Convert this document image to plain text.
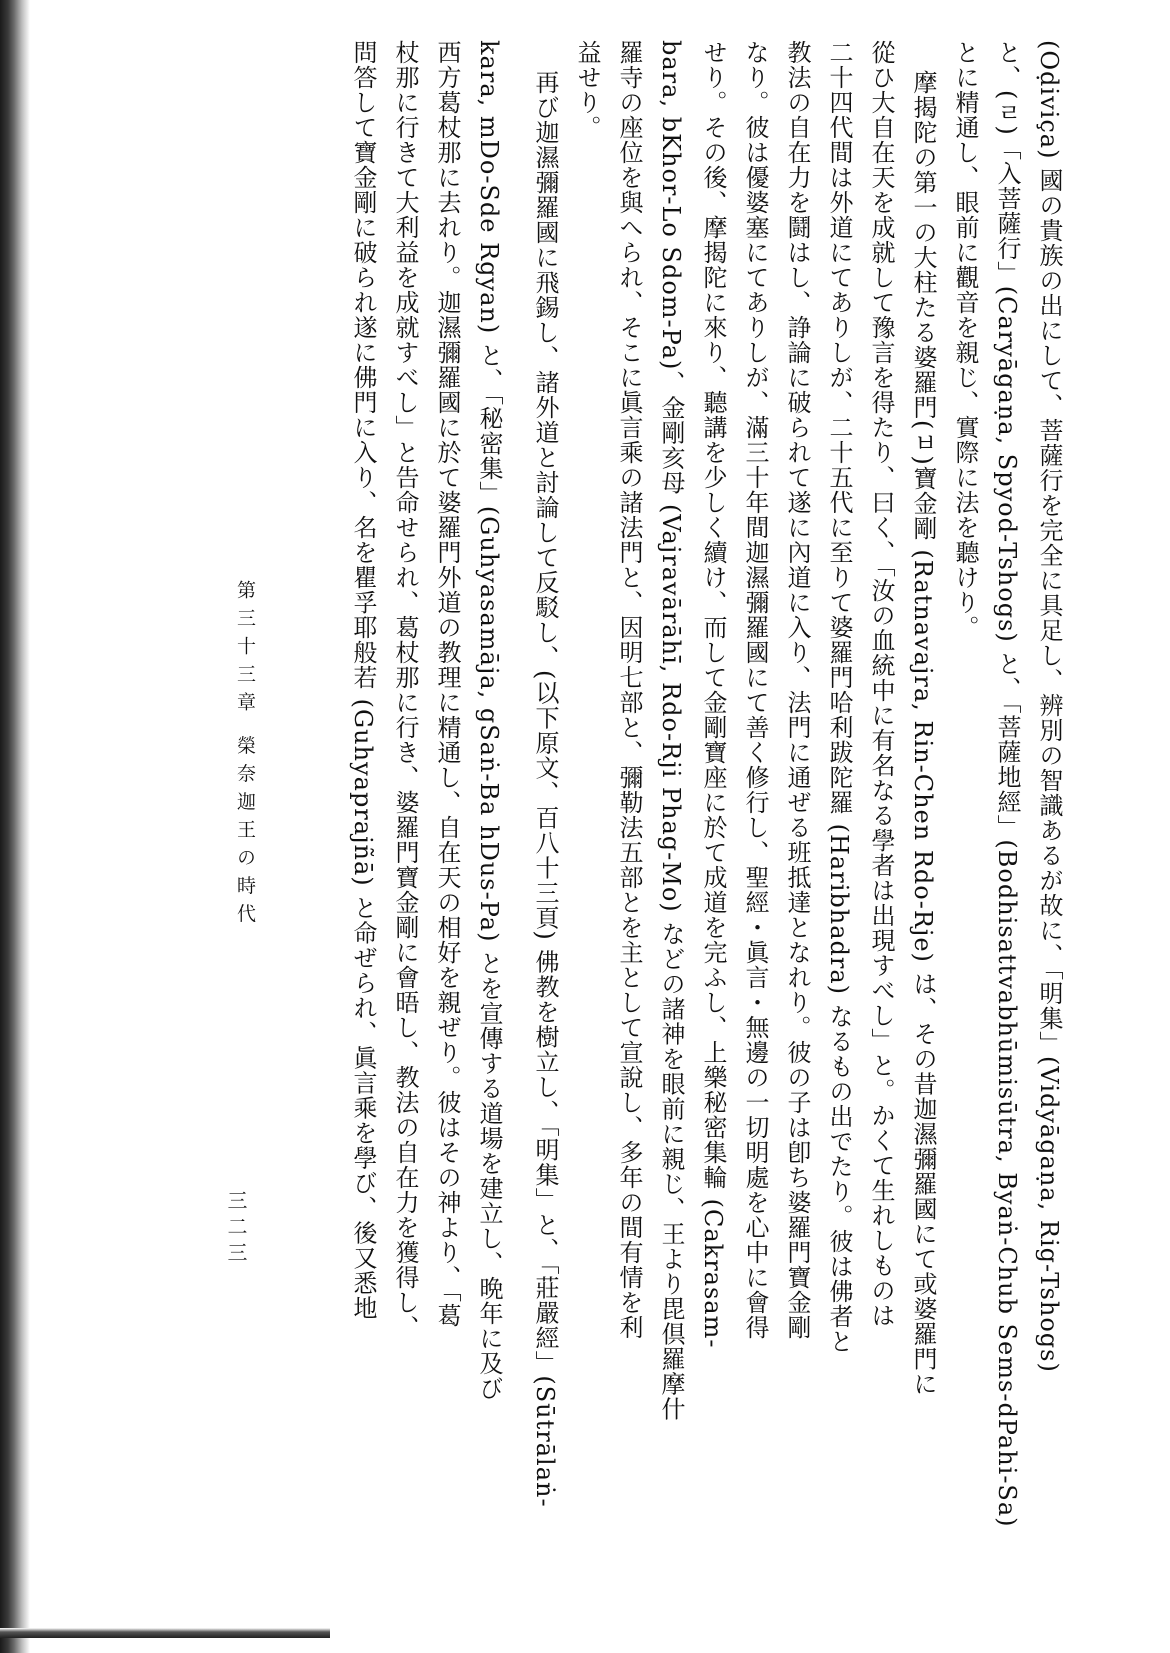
(Oḍiviça) 國の貴族の出にして、菩薩行を完全に具足し、辨別の智識あるが故に、「明集」(Vidyāgaṇa, Rig-Tshogs)
と、(ㄹ)「入菩薩行」(Caryāgaṇa, Spyod-Tshogs) と、「菩薩地經」(Bodhisattvabhūmisūtra, Byaṅ-Chub Sems-dPahi-Sa)
とに精通し、眼前に觀音を親じ、實際に法を聽けり。
摩揭陀の第一の大柱たる婆羅門(ㅂ)寶金剛 (Ratnavajra, Rin-Chen Rdo-Rje) は、その昔迦濕彌羅國にて或婆羅門に
從ひ大自在天を成就して豫言を得たり、曰く、「汝の血統中に有名なる學者は出現すべし」と。かくて生れしものは
二十四代間は外道にてありしが、二十五代に至りて婆羅門哈利跋陀羅 (Haribhadra) なるもの出でたり。彼は佛者と
教法の自在力を鬪はし、諍論に破られて遂に內道に入り、法門に通ぜる班抵達となれり。彼の子は卽ち婆羅門寶金剛
なり。彼は優婆塞にてありしが、滿三十年間迦濕彌羅國にて善く修行し、聖經・眞言・無邊の一切明處を心中に會得
せり。その後、摩揭陀に來り、聽講を少しく續け、而して金剛寶座に於て成道を完ふし、上樂秘密集輪 (Cakrasam-
bara, bKhor-Lo Sdom-Pa)、金剛亥母 (Vajravārāhī, Rdo-Rji Phag-Mo) などの諸神を眼前に親じ、王より毘倶羅摩什
羅寺の座位を與へられ、そこに眞言乘の諸法門と、因明七部と、彌勒法五部とを主として宣說し、多年の間有情を利
益せり。
再び迦濕彌羅國に飛錫し、諸外道と討論して反駁し、(以下原文、百八十三頁) 佛教を樹立し、「明集」と、「莊嚴經」(Sūtrālaṅ-
kara, mDo-Sde Rgyan) と、「秘密集」(Guhyasamāja, gSaṅ-Ba hDus-Pa) とを宣傳する道場を建立し、晩年に及び
西方葛杖那に去れり。迦濕彌羅國に於て婆羅門外道の教理に精通し、自在天の相好を親ぜり。彼はその神より、「葛
杖那に行きて大利益を成就すべし」と告命せられ、葛杖那に行き、婆羅門寶金剛に會晤し、教法の自在力を獲得し、
問答して寶金剛に破られ遂に佛門に入り、名を瞿孚耶般若 (Guhyaprajñā) と命ぜられ、眞言乘を學び、後又悉地
第三十三章 榮奈迦王の時代
三二三
